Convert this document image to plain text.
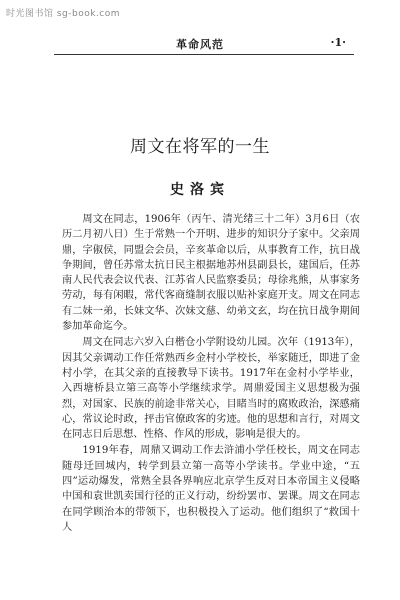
时光图书馆 sg-book.com
革命风范	·1·
周文在将军的一生
史洛宾

周文在同志，1906年（丙午、清光绪三十二年）3月6日（农历二月初八日）生于常熟一个开明、进步的知识分子家中。父亲周鼎，字俶侯，同盟会会员，辛亥革命以后，从事教育工作，抗日战争期间，曾任苏常太抗日民主根据地苏州县副县长，建国后，任苏南人民代表会议代表、江苏省人民监察委员；母徐兆熊，从事家务劳动，每有闲暇，常代客商缝制衣服以贴补家庭开支。周文在同志有二妹一弟，长妹文华、次妹文慈、幼弟文玄，均在抗日战争期间参加革命迄今。

周文在同志六岁入白楷仓小学附设幼儿园。次年（1913年），因其父亲调动工作任常熟西乡金村小学校长，举家随迁，即进了金村小学，在其父亲的直接教导下读书。1917年在金村小学毕业，入西塘桥县立第三高等小学继续求学。周鼎爱国主义思想极为强烈，对国家、民族的前途非常关心，目睹当时的腐败政治，深感痛心，常议论时政，抨击官僚政客的劣迹。他的思想和言行，对周文在同志日后思想、性格、作风的形成，影响是很大的。

1919年春，周鼎又调动工作去浒浦小学任校长，周文在同志随母迁回城内，转学到县立第一高等小学读书。学业中途，“五四”运动爆发，常熟全县各界响应北京学生反对日本帝国主义侵略中国和袁世凯卖国行径的正义行动，纷纷罢市、罢课。周文在同志在同学顾治本的带领下，也积极投入了运动。他们组织了“救国十人
